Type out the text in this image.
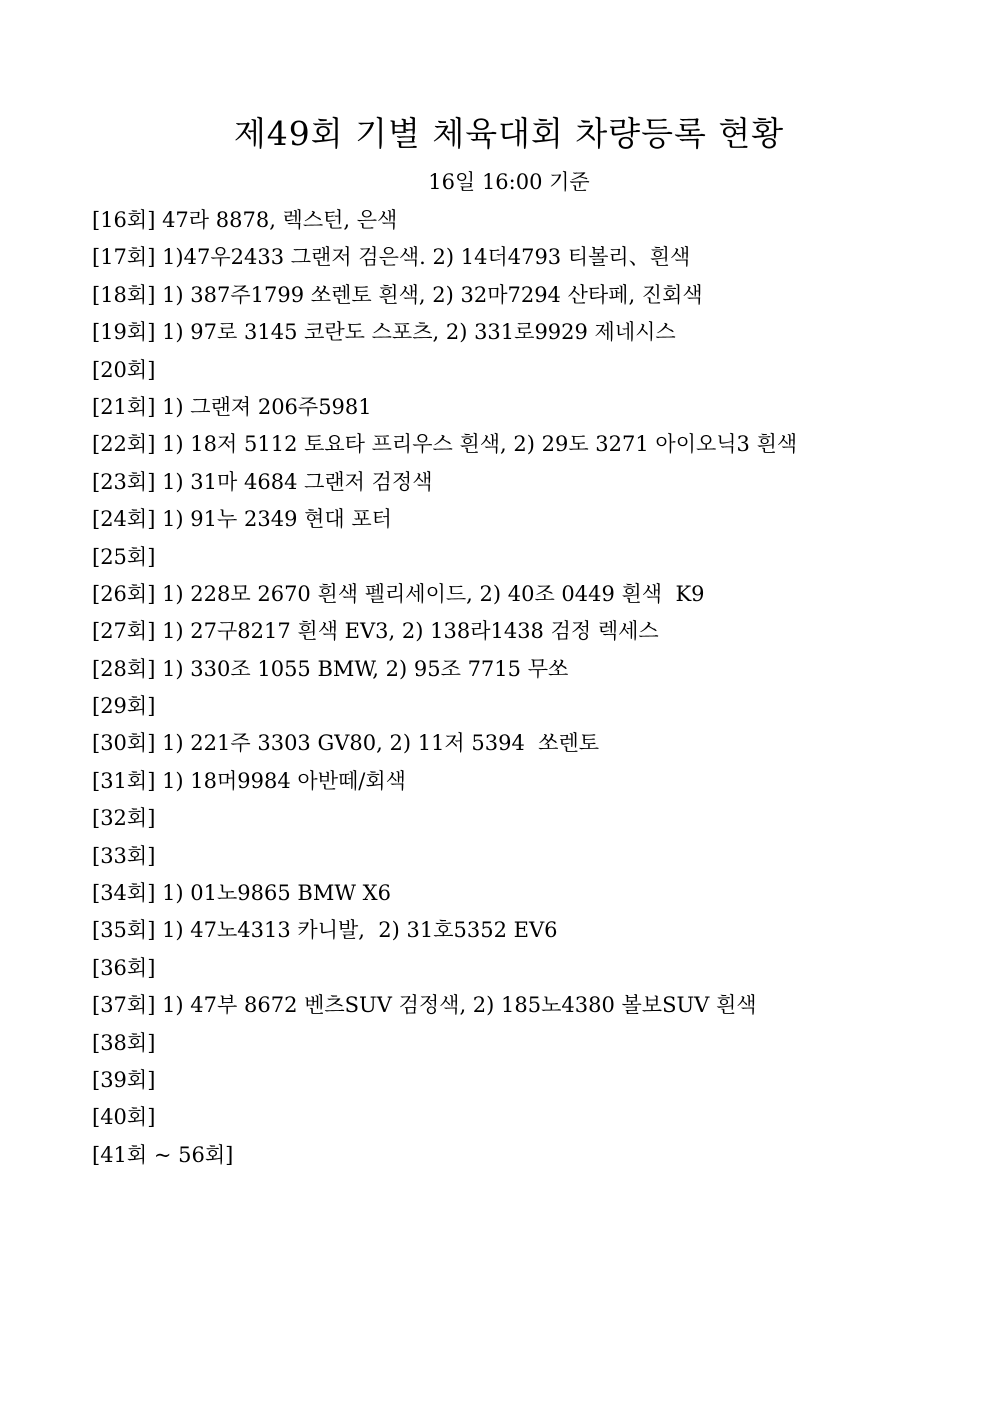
제49회 기별 체육대회 차량등록 현황
16일 16:00 기준
[16회] 47라 8878, 렉스턴, 은색
[17회] 1)47우2433 그랜저 검은색. 2) 14더4793 티볼리、흰색
[18회] 1) 387주1799 쏘렌토 흰색, 2) 32마7294 산타페, 진회색
[19회] 1) 97로 3145 코란도 스포츠, 2) 331로9929 제네시스
[20회]
[21회] 1) 그랜져 206주5981
[22회] 1) 18저 5112 토요타 프리우스 흰색, 2) 29도 3271 아이오닉3 흰색
[23회] 1) 31마 4684 그랜저 검정색
[24회] 1) 91누 2349 현대 포터
[25회]
[26회] 1) 228모 2670 흰색 펠리세이드, 2) 40조 0449 흰색  K9
[27회] 1) 27구8217 흰색 EV3, 2) 138라1438 검정 렉세스
[28회] 1) 330조 1055 BMW, 2) 95조 7715 무쏘
[29회]
[30회] 1) 221주 3303 GV80, 2) 11저 5394  쏘렌토
[31회] 1) 18머9984 아반떼/회색
[32회]
[33회]
[34회] 1) 01노9865 BMW X6
[35회] 1) 47노4313 카니발,  2) 31호5352 EV6
[36회]
[37회] 1) 47부 8672 벤츠SUV 검정색, 2) 185노4380 볼보SUV 흰색
[38회]
[39회]
[40회]
[41회 ~ 56회]
